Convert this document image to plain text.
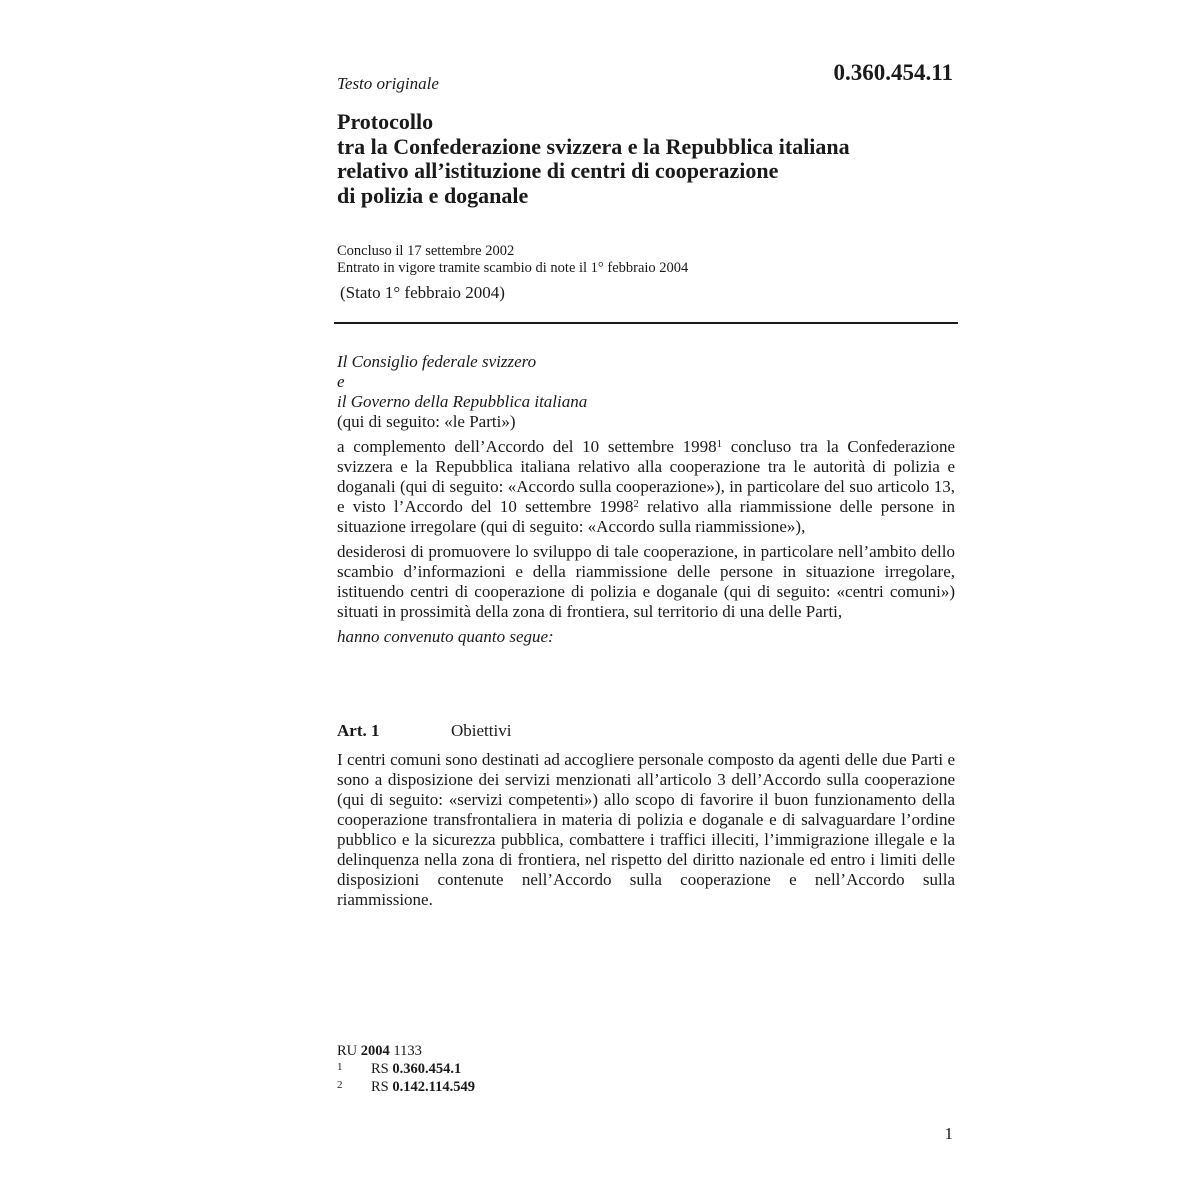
Testo originale	0.360.454.11
Protocollo
tra la Confederazione svizzera e la Repubblica italiana
relativo all’istituzione di centri di cooperazione
di polizia e doganale
Concluso il 17 settembre 2002
Entrato in vigore tramite scambio di note il 1° febbraio 2004
(Stato 1° febbraio 2004)
Il Consiglio federale svizzero
e
il Governo della Repubblica italiana
(qui di seguito: «le Parti»)
a complemento dell’Accordo del 10 settembre 1998$^1$ concluso tra la Confederazione svizzera e la Repubblica italiana relativo alla cooperazione tra le autorità di polizia e doganali (qui di seguito: «Accordo sulla cooperazione»), in particolare del suo articolo 13, e visto l’Accordo del 10 settembre 1998$^2$ relativo alla riammissione delle persone in situazione irregolare (qui di seguito: «Accordo sulla riammissione»),
desiderosi di promuovere lo sviluppo di tale cooperazione, in particolare nell’ambito dello scambio d’informazioni e della riammissione delle persone in situazione irregolare, istituendo centri di cooperazione di polizia e doganale (qui di seguito: «centri comuni») situati in prossimità della zona di frontiera, sul territorio di una delle Parti,
hanno convenuto quanto segue:
Art. 1	Obiettivi
I centri comuni sono destinati ad accogliere personale composto da agenti delle due Parti e sono a disposizione dei servizi menzionati all’articolo 3 dell’Accordo sulla cooperazione (qui di seguito: «servizi competenti») allo scopo di favorire il buon funzionamento della cooperazione transfrontaliera in materia di polizia e doganale e di salvaguardare l’ordine pubblico e la sicurezza pubblica, combattere i traffici illeciti, l’immigrazione illegale e la delinquenza nella zona di frontiera, nel rispetto del diritto nazionale ed entro i limiti delle disposizioni contenute nell’Accordo sulla cooperazione e nell’Accordo sulla riammissione.
RU 2004 1133
1 RS 0.360.454.1
2 RS 0.142.114.549
1
